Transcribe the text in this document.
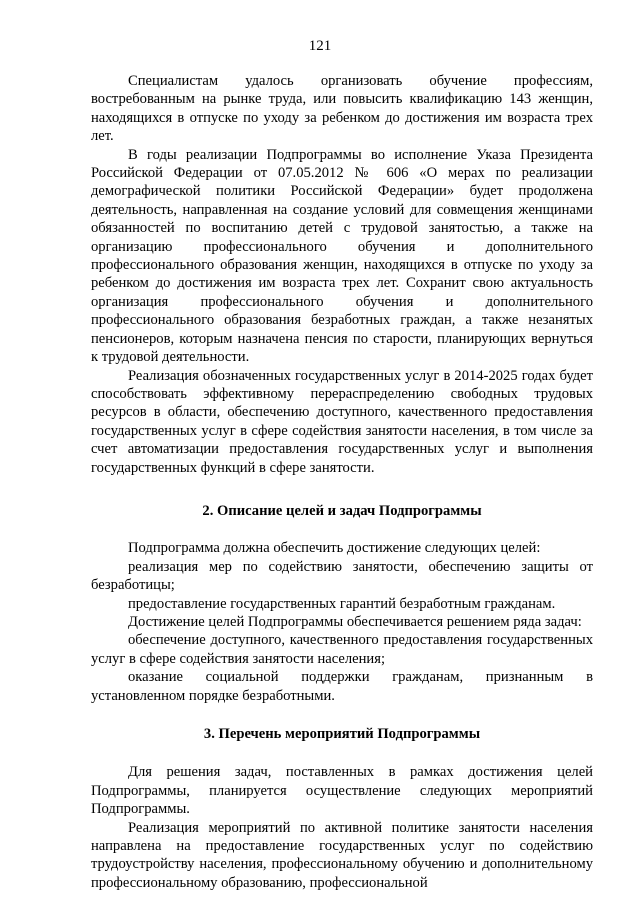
121

Специалистам удалось организовать обучение профессиям, востребованным на рынке труда, или повысить квалификацию 143 женщин, находящихся в отпуске по уходу за ребенком до достижения им возраста трех лет.

В годы реализации Подпрограммы во исполнение Указа Президента Российской Федерации от 07.05.2012 № 606 «О мерах по реализации демографической политики Российской Федерации» будет продолжена деятельность, направленная на создание условий для совмещения женщинами обязанностей по воспитанию детей с трудовой занятостью, а также на организацию профессионального обучения и дополнительного профессионального образования женщин, находящихся в отпуске по уходу за ребенком до достижения им возраста трех лет. Сохранит свою актуальность организация профессионального обучения и дополнительного профессионального образования безработных граждан, а также незанятых пенсионеров, которым назначена пенсия по старости, планирующих вернуться к трудовой деятельности.

Реализация обозначенных государственных услуг в 2014-2025 годах будет способствовать эффективному перераспределению свободных трудовых ресурсов в области, обеспечению доступного, качественного предоставления государственных услуг в сфере содействия занятости населения, в том числе за счет автоматизации предоставления государственных услуг и выполнения государственных функций в сфере занятости.

2. Описание целей и задач Подпрограммы

Подпрограмма должна обеспечить достижение следующих целей:

реализация мер по содействию занятости, обеспечению защиты от безработицы;

предоставление государственных гарантий безработным гражданам.

Достижение целей Подпрограммы обеспечивается решением ряда задач:

обеспечение доступного, качественного предоставления государственных услуг в сфере содействия занятости населения;

оказание социальной поддержки гражданам, признанным в установленном порядке безработными.

3. Перечень мероприятий Подпрограммы

Для решения задач, поставленных в рамках достижения целей Подпрограммы, планируется осуществление следующих мероприятий Подпрограммы.

Реализация мероприятий по активной политике занятости населения направлена на предоставление государственных услуг по содействию трудоустройству населения, профессиональному обучению и дополнительному профессиональному образованию, профессиональной
